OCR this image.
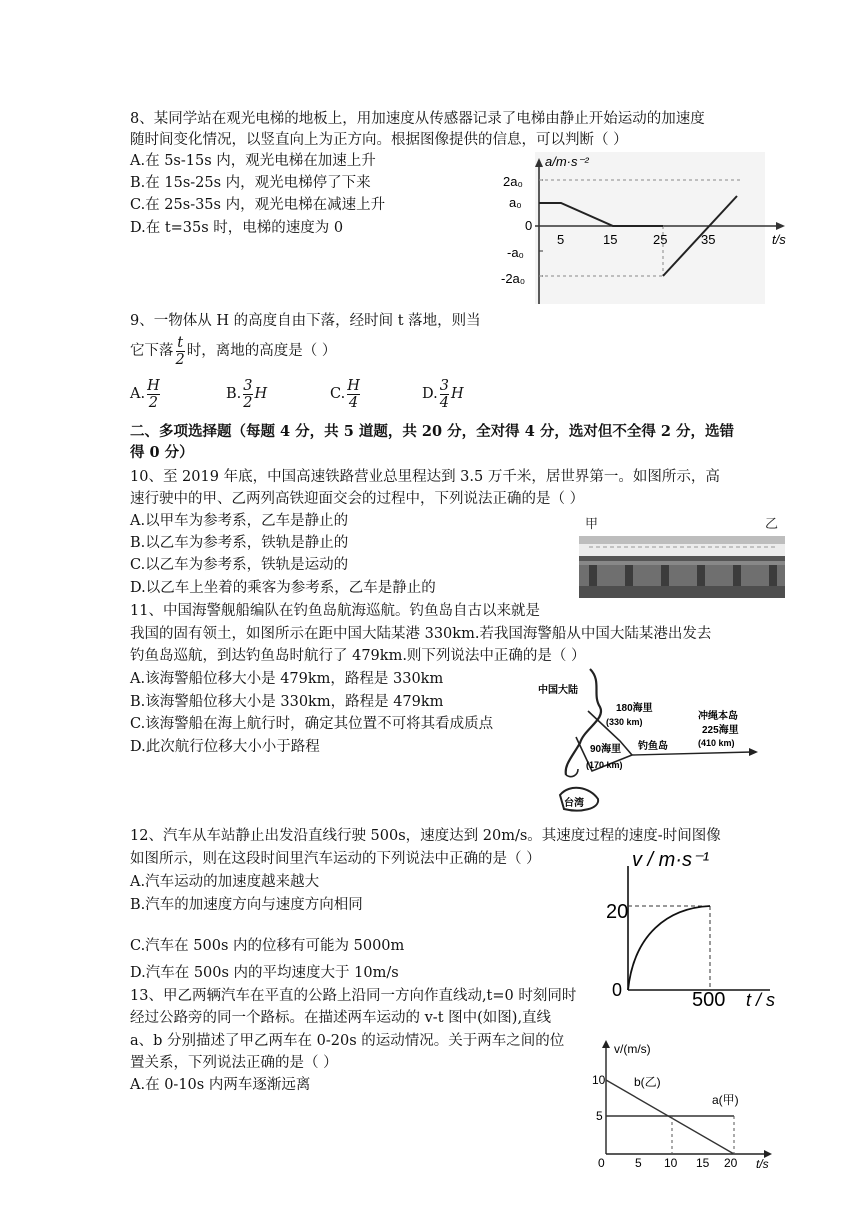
8、某同学站在观光电梯的地板上，用加速度从传感器记录了电梯由静止开始运动的加速度
随时间变化情况，以竖直向上为正方向。根据图像提供的信息，可以判断（ ）
A.在 5s-15s 内，观光电梯在加速上升
B.在 15s-25s 内，观光电梯停了下来
C.在 25s-35s 内，观光电梯在减速上升
D.在 t=35s 时，电梯的速度为 0
a/m·s⁻²
t/s
2a₀
a₀
0
-a₀
-2a₀
5	15	25	35
9、一物体从 H 的高度自由下落，经时间 t 落地，则当
它下落 $\frac{t}{2}$ 时，离地的高度是（ ）
A. $\frac{H}{2}$	B. $\frac{3}{2}$ H	C. $\frac{H}{4}$	D. $\frac{3}{4}$ H
二、多项选择题（每题 4 分，共 5 道题，共 20 分，全对得 4 分，选对但不全得 2 分，选错
得 0 分）
10、至 2019 年底，中国高速铁路营业总里程达到 3.5 万千米，居世界第一。如图所示，高
速行驶中的甲、乙两列高铁迎面交会的过程中，下列说法正确的是（ ）
A.以甲车为参考系，乙车是静止的
B.以乙车为参考系，铁轨是静止的
C.以乙车为参考系，铁轨是运动的
D.以乙车上坐着的乘客为参考系，乙车是静止的
甲	乙
11、中国海警舰船编队在钓鱼岛航海巡航。钓鱼岛自古以来就是
我国的固有领土，如图所示在距中国大陆某港 330km.若我国海警船从中国大陆某港出发去
钓鱼岛巡航，到达钓鱼岛时航行了 479km.则下列说法中正确的是（ ）
A.该海警船位移大小是 479km，路程是 330km
B.该海警船位移大小是 330km，路程是 479km
C.该海警船在海上航行时，确定其位置不可将其看成质点
D.此次航行位移大小小于路程
中国大陆
180海里
(330 km)	冲绳本岛
225海里
(410 km)
90海里
(170 km)
钓鱼岛
台湾
12、汽车从车站静止出发沿直线行驶 500s，速度达到 20m/s。其速度过程的速度-时间图像
如图所示，则在这段时间里汽车运动的下列说法中正确的是（ ）
A.汽车运动的加速度越来越大
B.汽车的加速度方向与速度方向相同
C.汽车在 500s 内的位移有可能为 5000m
D.汽车在 500s 内的平均速度大于 10m/s
v / m·s⁻¹
20
0	500 t / s
13、甲乙两辆汽车在平直的公路上沿同一方向作直线动,t=0 时刻同时
经过公路旁的同一个路标。在描述两车运动的 v-t 图中(如图),直线
a、b 分别描述了甲乙两车在 0-20s 的运动情况。关于两车之间的位
置关系，下列说法正确的是（ ）
A.在 0-10s 内两车逐渐远离
v/(m/s)
t/s
10
5
0	5 10 15 20
b(乙)
a(甲)
